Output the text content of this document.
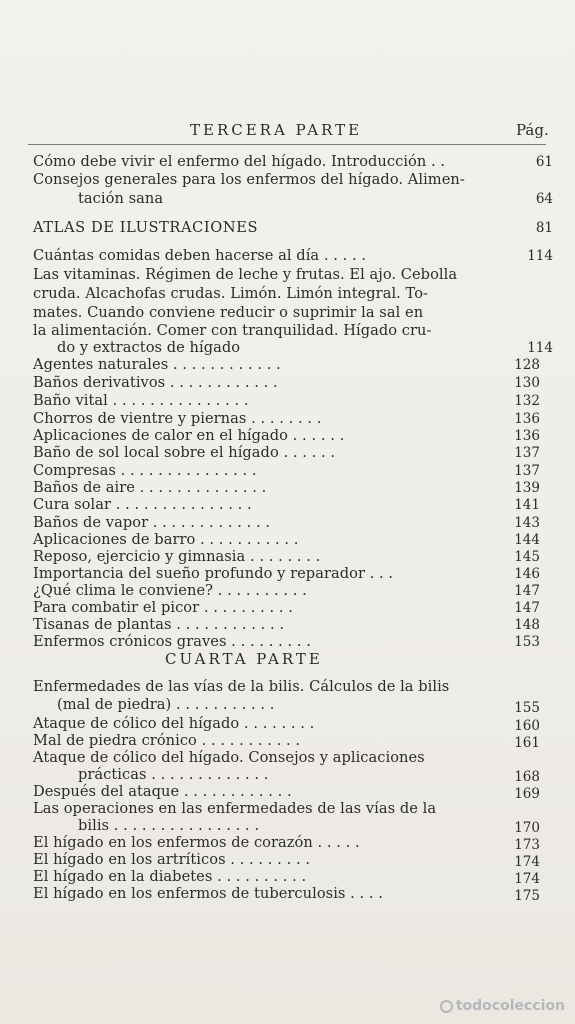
TERCERA PARTE	Pág.
Cómo debe vivir el enfermo del hígado. Introducción . .	61
Consejos generales para los enfermos del hígado. Alimen-
tación sana	64
ATLAS DE ILUSTRACIONES	81
Cuántas comidas deben hacerse al día . . . . .	114
Las vitaminas. Régimen de leche y frutas. El ajo. Cebolla
cruda. Alcachofas crudas. Limón. Limón integral. To-
mates. Cuando conviene reducir o suprimir la sal en
la alimentación. Comer con tranquilidad. Hígado cru-
do y extractos de hígado	114
Agentes naturales . . . . . . . . . . . .	128
Baños derivativos . . . . . . . . . . . .	130
Baño vital . . . . . . . . . . . . . . .	132
Chorros de vientre y piernas . . . . . . . .	136
Aplicaciones de calor en el hígado . . . . . .	136
Baño de sol local sobre el hígado . . . . . .	137
Compresas . . . . . . . . . . . . . . .	137
Baños de aire . . . . . . . . . . . . . .	139
Cura solar . . . . . . . . . . . . . . .	141
Baños de vapor . . . . . . . . . . . . .	143
Aplicaciones de barro . . . . . . . . . . .	144
Reposo, ejercicio y gimnasia . . . . . . . .	145
Importancia del sueño profundo y reparador . . .	146
¿Qué clima le conviene? . . . . . . . . . .	147
Para combatir el picor . . . . . . . . . .	147
Tisanas de plantas . . . . . . . . . . . .	148
Enfermos crónicos graves . . . . . . . . .	153
CUARTA PARTE
Enfermedades de las vías de la bilis. Cálculos de la bilis
(mal de piedra) . . . . . . . . . . .	155
Ataque de cólico del hígado . . . . . . . .	160
Mal de piedra crónico . . . . . . . . . . .	161
Ataque de cólico del hígado. Consejos y aplicaciones
prácticas . . . . . . . . . . . . .	168
Después del ataque . . . . . . . . . . . .	169
Las operaciones en las enfermedades de las vías de la
bilis . . . . . . . . . . . . . . . .	170
El hígado en los enfermos de corazón . . . . .	173
El hígado en los artríticos . . . . . . . . .	174
El hígado en la diabetes . . . . . . . . . .	174
El hígado en los enfermos de tuberculosis . . . .	175
todocoleccion
